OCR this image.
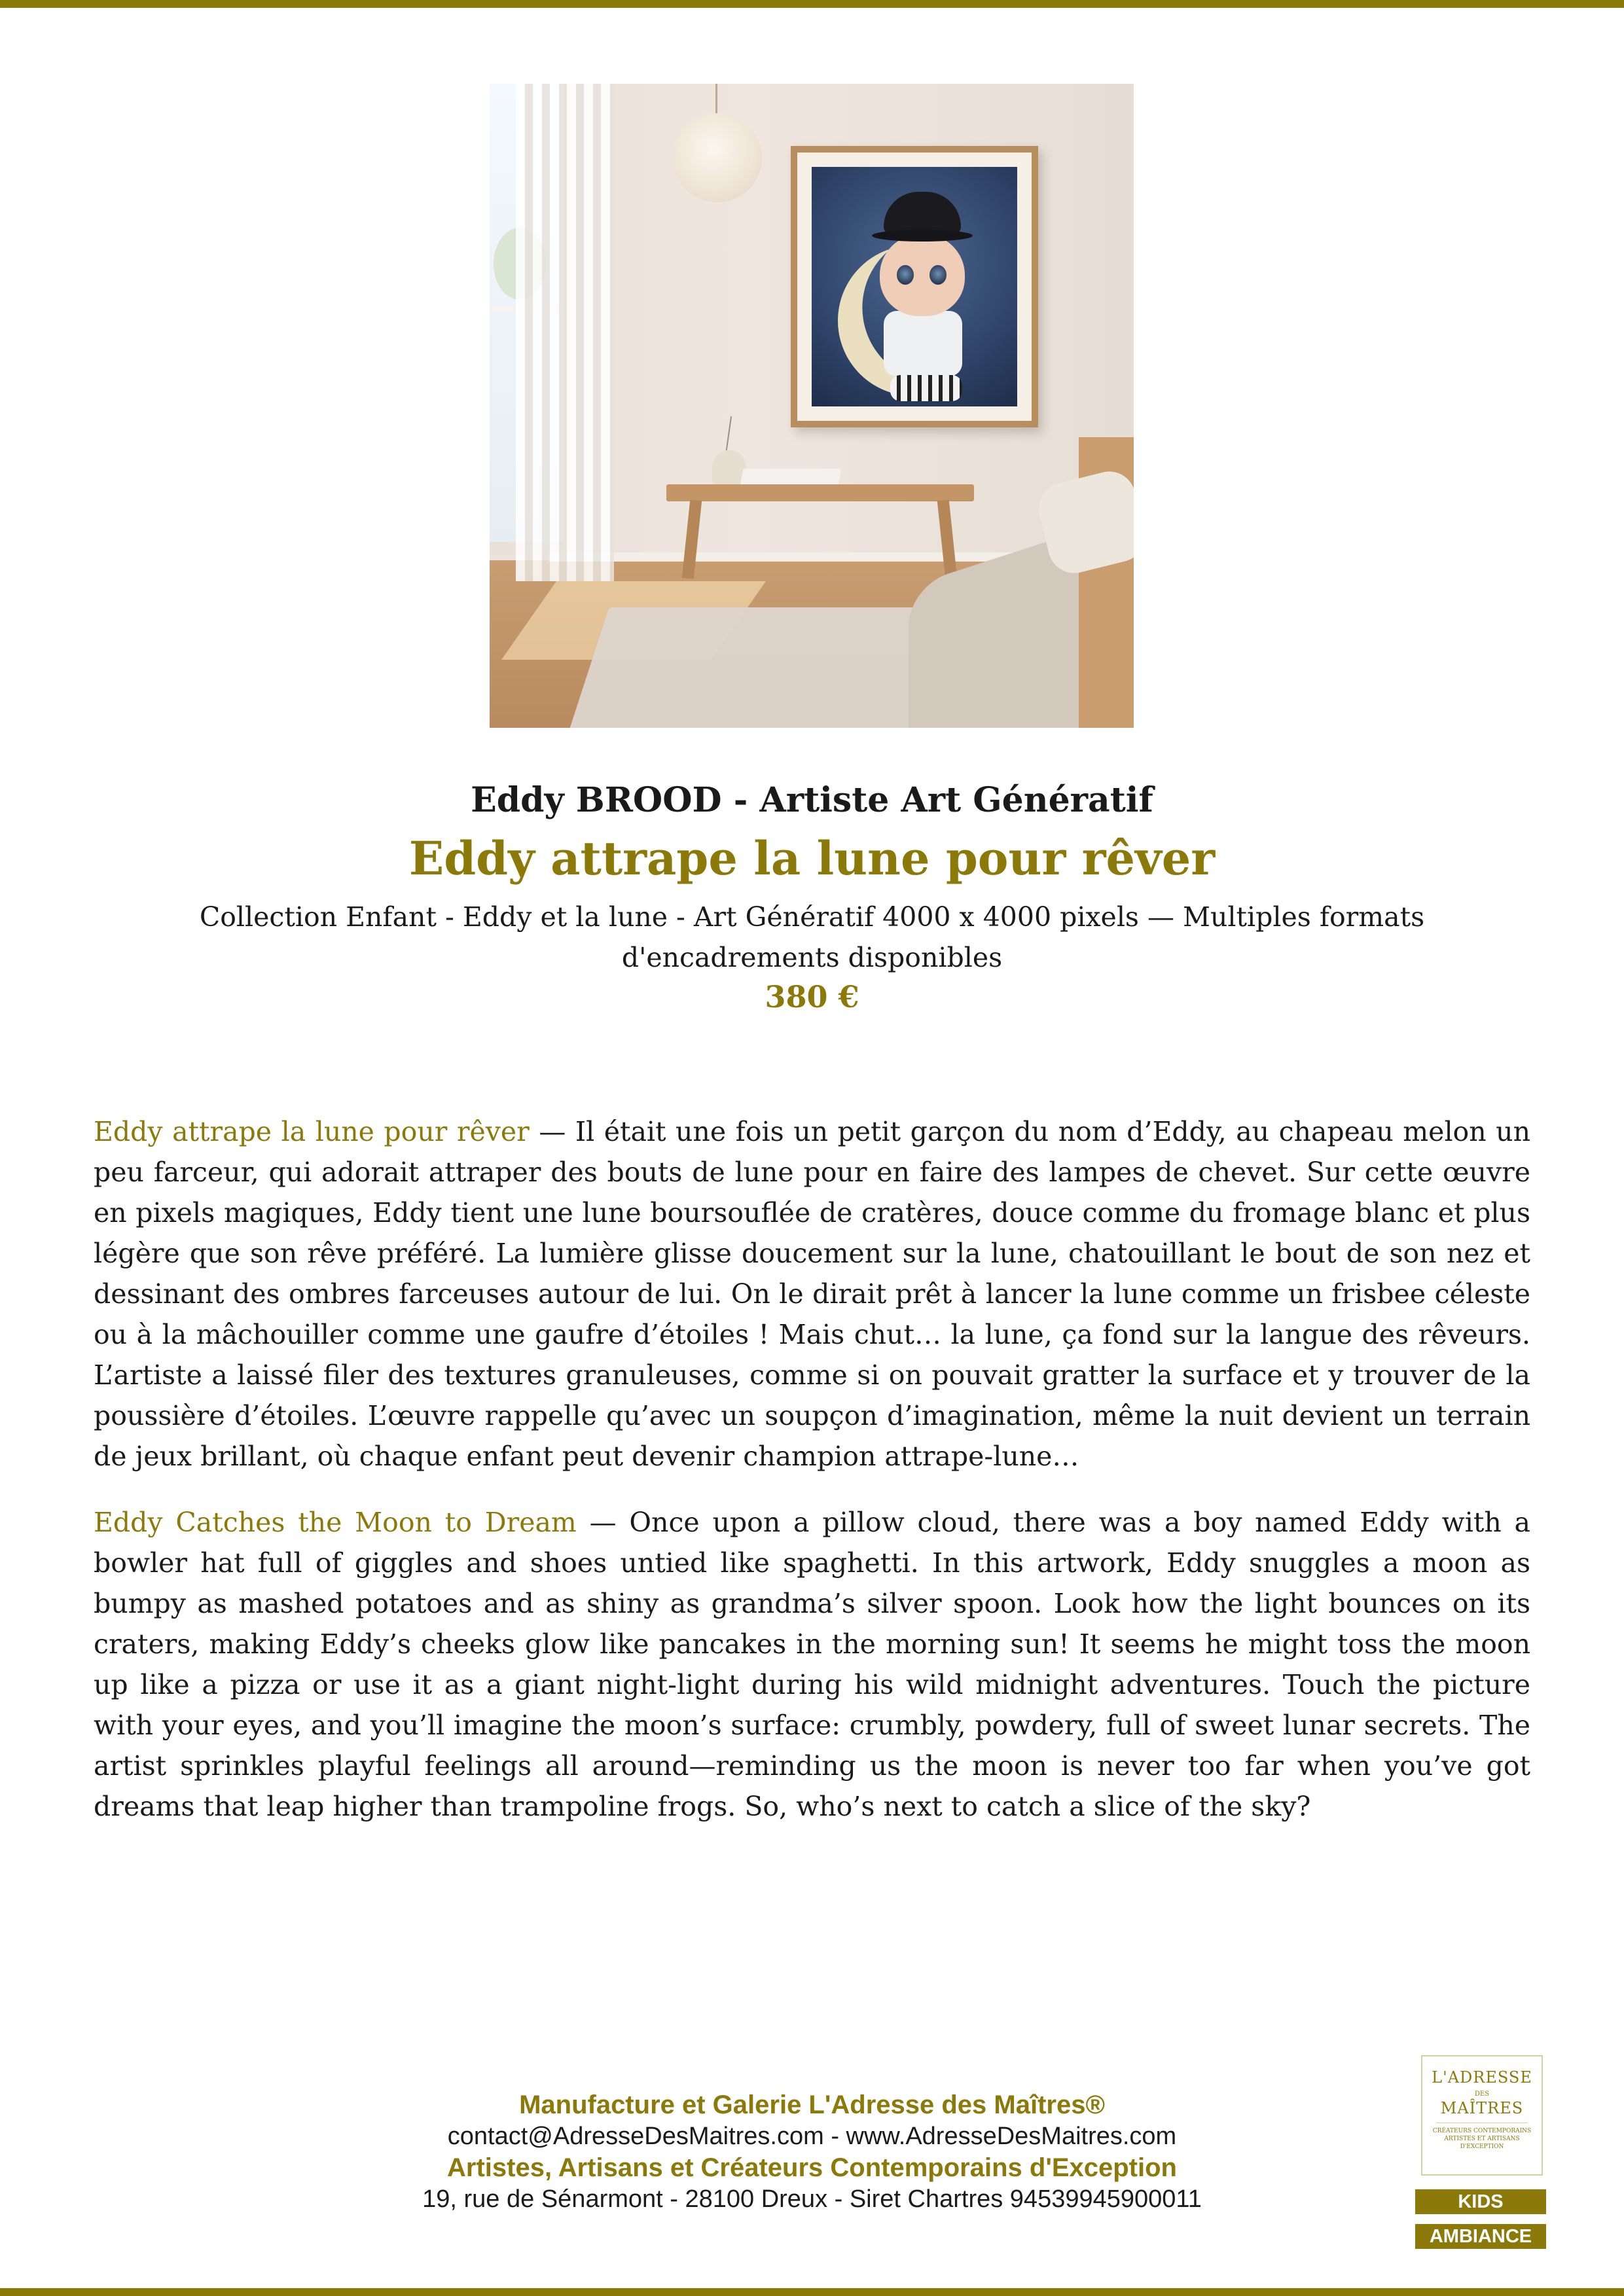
Eddy BROOD - Artiste Art Génératif
Eddy attrape la lune pour rêver
Collection Enfant - Eddy et la lune - Art Génératif 4000 x 4000 pixels — Multiples formats d'encadrements disponibles
380 €

Eddy attrape la lune pour rêver — Il était une fois un petit garçon du nom d’Eddy, au chapeau melon un peu farceur, qui adorait attraper des bouts de lune pour en faire des lampes de chevet. Sur cette œuvre en pixels magiques, Eddy tient une lune boursouflée de cratères, douce comme du fromage blanc et plus légère que son rêve préféré. La lumière glisse doucement sur la lune, chatouillant le bout de son nez et dessinant des ombres farceuses autour de lui. On le dirait prêt à lancer la lune comme un frisbee céleste ou à la mâchouiller comme une gaufre d’étoiles ! Mais chut… la lune, ça fond sur la langue des rêveurs. L’artiste a laissé filer des textures granuleuses, comme si on pouvait gratter la surface et y trouver de la poussière d’étoiles. L’œuvre rappelle qu’avec un soupçon d’imagination, même la nuit devient un terrain de jeux brillant, où chaque enfant peut devenir champion attrape-lune…

Eddy Catches the Moon to Dream — Once upon a pillow cloud, there was a boy named Eddy with a bowler hat full of giggles and shoes untied like spaghetti. In this artwork, Eddy snuggles a moon as bumpy as mashed potatoes and as shiny as grandma’s silver spoon. Look how the light bounces on its craters, making Eddy’s cheeks glow like pancakes in the morning sun! It seems he might toss the moon up like a pizza or use it as a giant night-light during his wild midnight adventures. Touch the picture with your eyes, and you’ll imagine the moon’s surface: crumbly, powdery, full of sweet lunar secrets. The artist sprinkles playful feelings all around—reminding us the moon is never too far when you’ve got dreams that leap higher than trampoline frogs. So, who’s next to catch a slice of the sky?

Manufacture et Galerie L'Adresse des Maîtres®
contact@AdresseDesMaitres.com - www.AdresseDesMaitres.com
Artistes, Artisans et Créateurs Contemporains d'Exception
19, rue de Sénarmont - 28100 Dreux - Siret Chartres 94539945900011
L'ADRESSE
DES
MAÎTRES
CRÉATEURS CONTEMPORAINS ARTISTES ET ARTISANS D'EXCEPTION
KIDS
AMBIANCE
